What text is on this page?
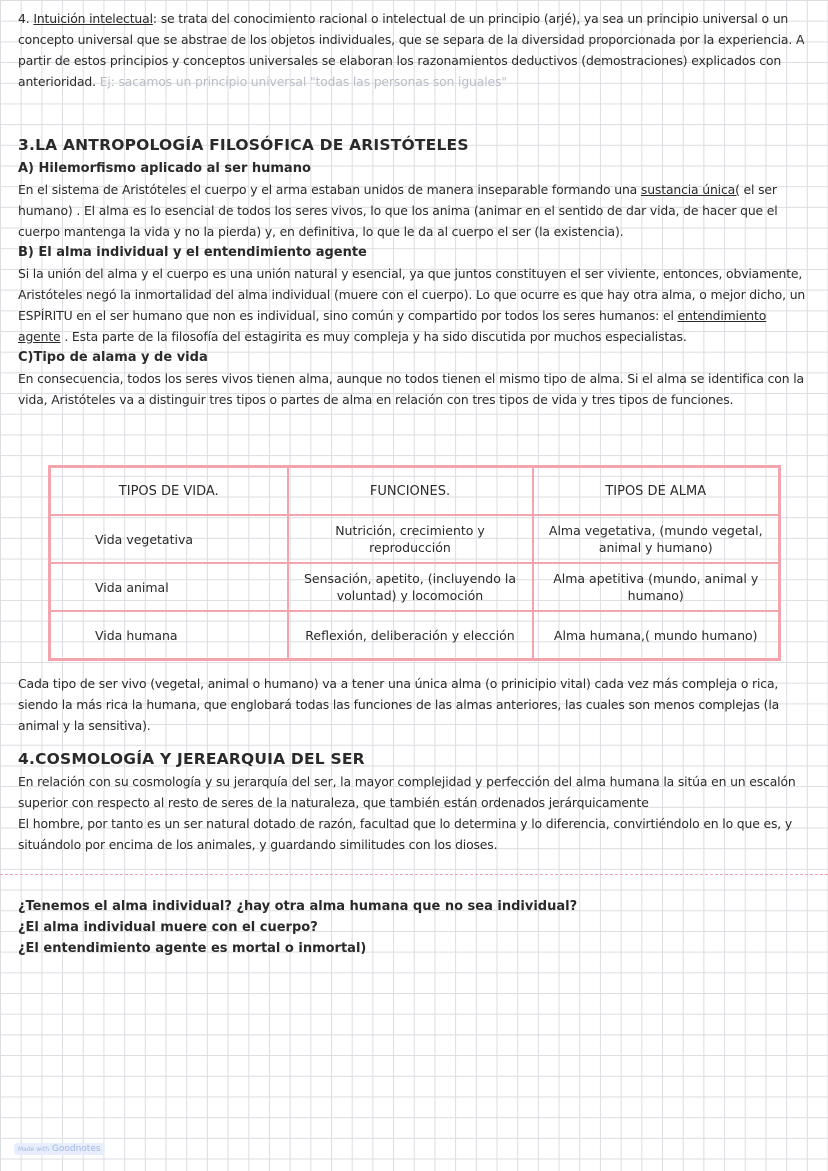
4. Intuición intelectual: se trata del conocimiento racional o intelectual de un principio (arjé), ya sea un principio universal o un concepto universal que se abstrae de los objetos individuales, que se separa de la diversidad proporcionada por la experiencia. A partir de estos principios y conceptos universales se elaboran los razonamientos deductivos (demostraciones) explicados con anterioridad. Ej: sacamos un principio universal "todas las personas son iguales"

3.LA ANTROPOLOGÍA FILOSÓFICA DE ARISTÓTELES
A) Hilemorfismo aplicado al ser humano

En el sistema de Aristóteles el cuerpo y el arma estaban unidos de manera inseparable formando una sustancia única( el ser humano) . El alma es lo esencial de todos los seres vivos, lo que los anima (animar en el sentido de dar vida, de hacer que el cuerpo mantenga la vida y no la pierda) y, en definitiva, lo que le da al cuerpo el ser (la existencia).

B) El alma individual y el entendimiento agente

Si la unión del alma y el cuerpo es una unión natural y esencial, ya que juntos constituyen el ser viviente, entonces, obviamente, Aristóteles negó la inmortalidad del alma individual (muere con el cuerpo). Lo que ocurre es que hay otra alma, o mejor dicho, un ESPÍRITU en el ser humano que non es individual, sino común y compartido por todos los seres humanos: el entendimiento agente . Esta parte de la filosofía del estagirita es muy compleja y ha sido discutida por muchos especialistas.

C)Tipo de alama y de vida

En consecuencia, todos los seres vivos tienen alma, aunque no todos tienen el mismo tipo de alma. Si el alma se identifica con la vida, Aristóteles va a distinguir tres tipos o partes de alma en relación con tres tipos de vida y tres tipos de funciones.

TIPOS DE VIDA.	FUNCIONES.	TIPOS DE ALMA
Vida vegetativa	Nutrición, crecimiento y reproducción	Alma vegetativa, (mundo vegetal, animal y humano)
Vida animal	Sensación, apetito, (incluyendo la voluntad) y locomoción	Alma apetitiva (mundo, animal y humano)
Vida humana	Reflexión, deliberación y elección	Alma humana,( mundo humano)

Cada tipo de ser vivo (vegetal, animal o humano) va a tener una única alma (o prinicipio vital) cada vez más compleja o rica, siendo la más rica la humana, que englobará todas las funciones de las almas anteriores, las cuales son menos complejas (la animal y la sensitiva).

4.COSMOLOGÍA Y JEREARQUIA DEL SER

En relación con su cosmología y su jerarquía del ser, la mayor complejidad y perfección del alma humana la sitúa en un escalón superior con respecto al resto de seres de la naturaleza, que también están ordenados jerárquicamente

El hombre, por tanto es un ser natural dotado de razón, facultad que lo determina y lo diferencia, convirtiéndolo en lo que es, y situándolo por encima de los animales, y guardando similitudes con los dioses.

¿Tenemos el alma individual? ¿hay otra alma humana que no sea individual?

¿El alma individual muere con el cuerpo?

¿El entendimiento agente es mortal o inmortal)

Made with Goodnotes
